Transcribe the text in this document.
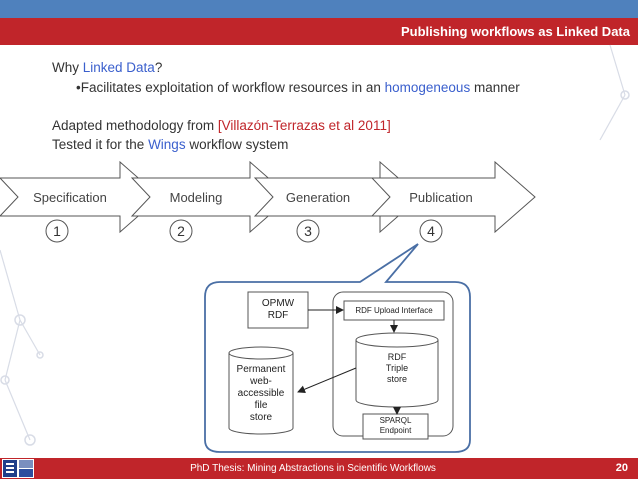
Publishing workflows as Linked Data
Why Linked Data?
•Facilitates exploitation of workflow resources in an homogeneous manner
Adapted methodology from [Villazón-Terrazas et al 2011]
Tested it for the Wings workflow system
Specification	Modeling	Generation	Publication
1	2	3	4
OPMW
RDF	RDF Upload Interface
RDF
Triple
store
Permanent
web-
accessible
file
store	SPARQL
Endpoint
PhD Thesis: Mining Abstractions in Scientific Workflows	20
